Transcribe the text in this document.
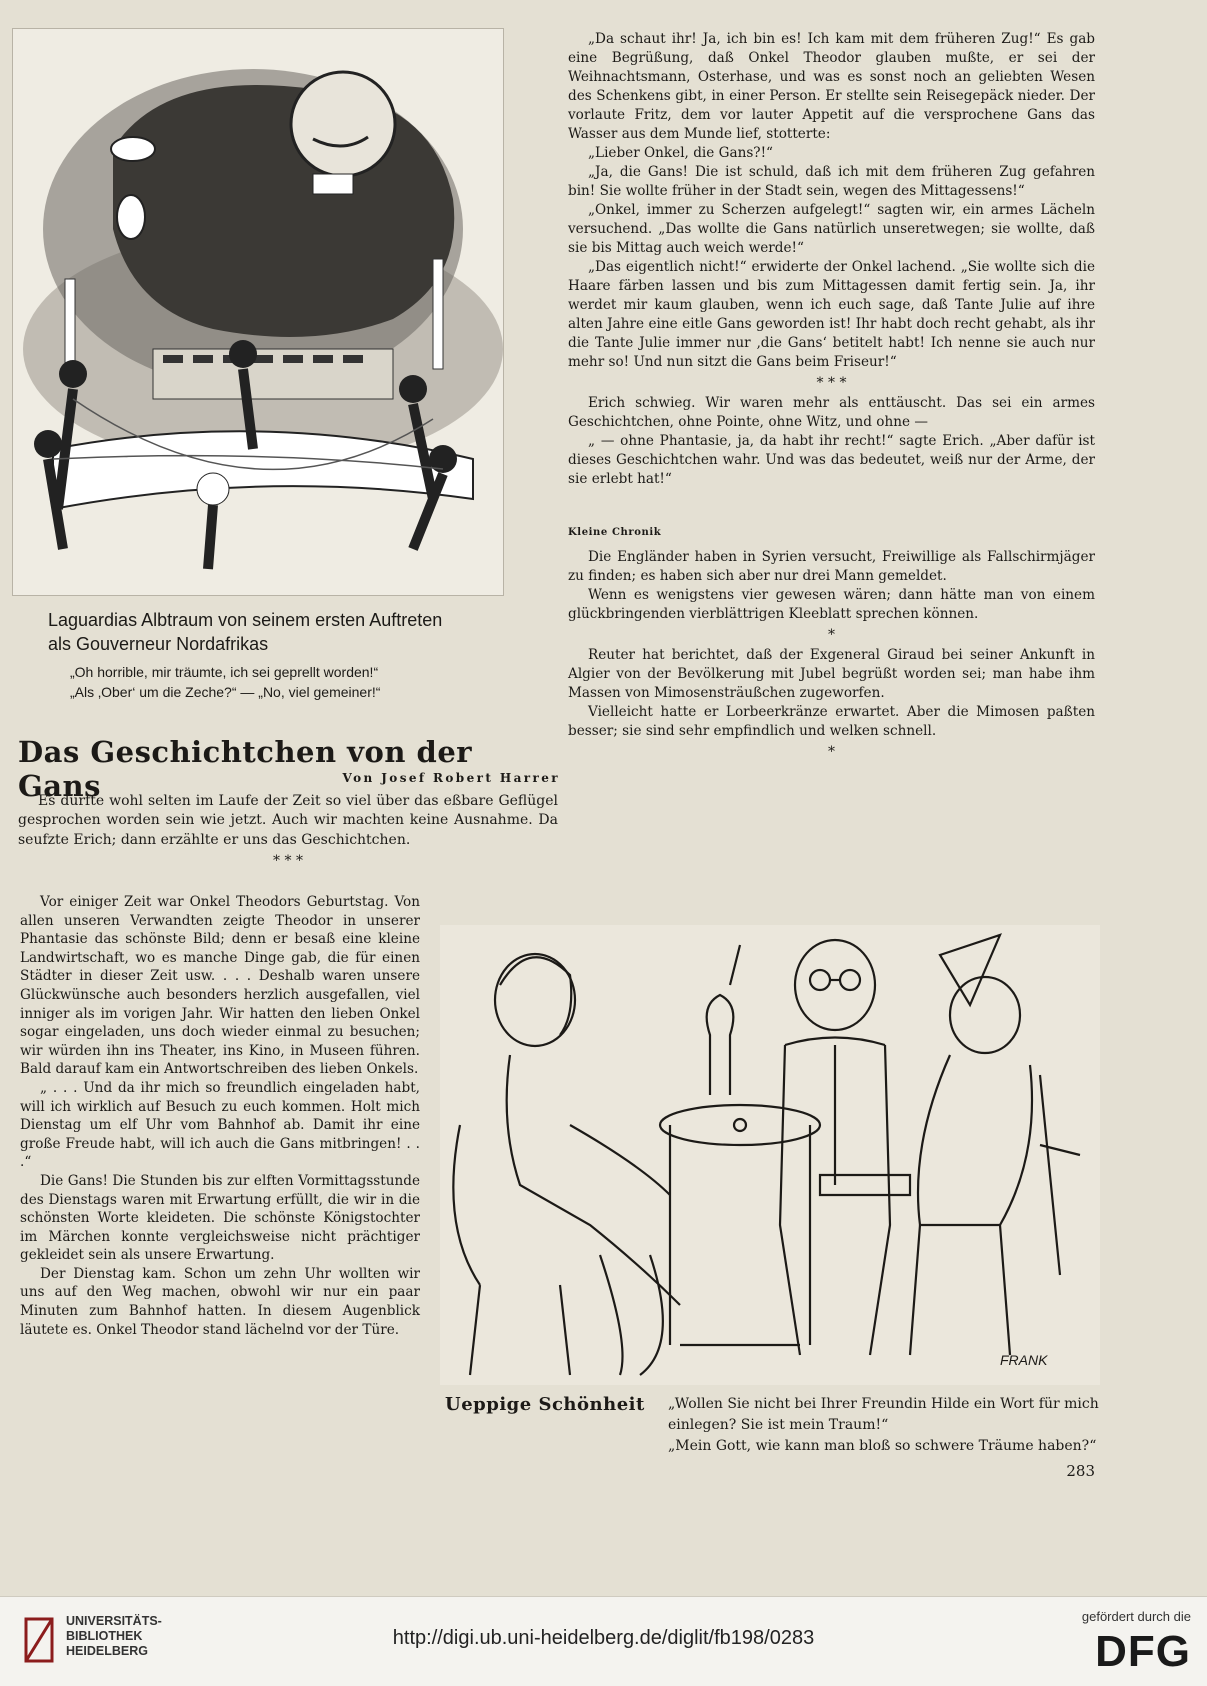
Laguardias Albtraum von seinem ersten Auftreten
als Gouverneur Nordafrikas
„Oh horrible, mir träumte, ich sei geprellt worden!“
„Als ‚Ober‘ um die Zeche?“ — „No, viel gemeiner!“
Das Geschichtchen von der Gans	Von Josef Robert Harrer

Es dürfte wohl selten im Laufe der Zeit so viel über das eßbare Geflügel gesprochen worden sein wie jetzt. Auch wir machten keine Ausnahme. Da seufzte Erich; dann erzählte er uns das Geschichtchen.

* * *

Vor einiger Zeit war Onkel Theodors Geburtstag. Von allen unseren Verwandten zeigte Theodor in unserer Phantasie das schönste Bild; denn er besaß eine kleine Landwirtschaft, wo es manche Dinge gab, die für einen Städter in dieser Zeit usw. . . . Deshalb waren unsere Glückwünsche auch besonders herzlich ausgefallen, viel inniger als im vorigen Jahr. Wir hatten den lieben Onkel sogar eingeladen, uns doch wieder einmal zu besuchen; wir würden ihn ins Theater, ins Kino, in Museen führen. Bald darauf kam ein Antwortschreiben des lieben Onkels.

„ . . . Und da ihr mich so freundlich eingeladen habt, will ich wirklich auf Besuch zu euch kommen. Holt mich Dienstag um elf Uhr vom Bahnhof ab. Damit ihr eine große Freude habt, will ich auch die Gans mitbringen! . . .“

Die Gans! Die Stunden bis zur elften Vormittagsstunde des Dienstags waren mit Erwartung erfüllt, die wir in die schönsten Worte kleideten. Die schönste Königstochter im Märchen konnte vergleichsweise nicht prächtiger gekleidet sein als unsere Erwartung.

Der Dienstag kam. Schon um zehn Uhr wollten wir uns auf den Weg machen, obwohl wir nur ein paar Minuten zum Bahnhof hatten. In diesem Augenblick läutete es. Onkel Theodor stand lächelnd vor der Türe.

„Da schaut ihr! Ja, ich bin es! Ich kam mit dem früheren Zug!“ Es gab eine Begrüßung, daß Onkel Theodor glauben mußte, er sei der Weihnachtsmann, Osterhase, und was es sonst noch an geliebten Wesen des Schenkens gibt, in einer Person. Er stellte sein Reisegepäck nieder. Der vorlaute Fritz, dem vor lauter Appetit auf die versprochene Gans das Wasser aus dem Munde lief, stotterte:

„Lieber Onkel, die Gans?!“

„Ja, die Gans! Die ist schuld, daß ich mit dem früheren Zug gefahren bin! Sie wollte früher in der Stadt sein, wegen des Mittagessens!“

„Onkel, immer zu Scherzen aufgelegt!“ sagten wir, ein armes Lächeln versuchend. „Das wollte die Gans natürlich unseretwegen; sie wollte, daß sie bis Mittag auch weich werde!“

„Das eigentlich nicht!“ erwiderte der Onkel lachend. „Sie wollte sich die Haare färben lassen und bis zum Mittagessen damit fertig sein. Ja, ihr werdet mir kaum glauben, wenn ich euch sage, daß Tante Julie auf ihre alten Jahre eine eitle Gans geworden ist! Ihr habt doch recht gehabt, als ihr die Tante Julie immer nur ‚die Gans‘ betitelt habt! Ich nenne sie auch nur mehr so! Und nun sitzt die Gans beim Friseur!“

* * *

Erich schwieg. Wir waren mehr als enttäuscht. Das sei ein armes Geschichtchen, ohne Pointe, ohne Witz, und ohne —

„ — ohne Phantasie, ja, da habt ihr recht!“ sagte Erich. „Aber dafür ist dieses Geschichtchen wahr. Und was das bedeutet, weiß nur der Arme, der sie erlebt hat!“

Kleine Chronik

Die Engländer haben in Syrien versucht, Freiwillige als Fallschirmjäger zu finden; es haben sich aber nur drei Mann gemeldet.

Wenn es wenigstens vier gewesen wären; dann hätte man von einem glückbringenden vierblättrigen Kleeblatt sprechen können.

*

Reuter hat berichtet, daß der Exgeneral Giraud bei seiner Ankunft in Algier von der Bevölkerung mit Jubel begrüßt worden sei; man habe ihm Massen von Mimosensträußchen zugeworfen.

Vielleicht hatte er Lorbeerkränze erwartet. Aber die Mimosen paßten besser; sie sind sehr empfindlich und welken schnell.

*
FRANK
Ueppige Schönheit „Wollen Sie nicht bei Ihrer Freundin Hilde ein Wort für mich einlegen? Sie ist mein Traum!“
„Mein Gott, wie kann man bloß so schwere Träume haben?“
283
UNIVERSITÄTS-
BIBLIOTHEK
HEIDELBERG
http://digi.ub.uni-heidelberg.de/diglit/fb198/0283
gefördert durch die
DFG
